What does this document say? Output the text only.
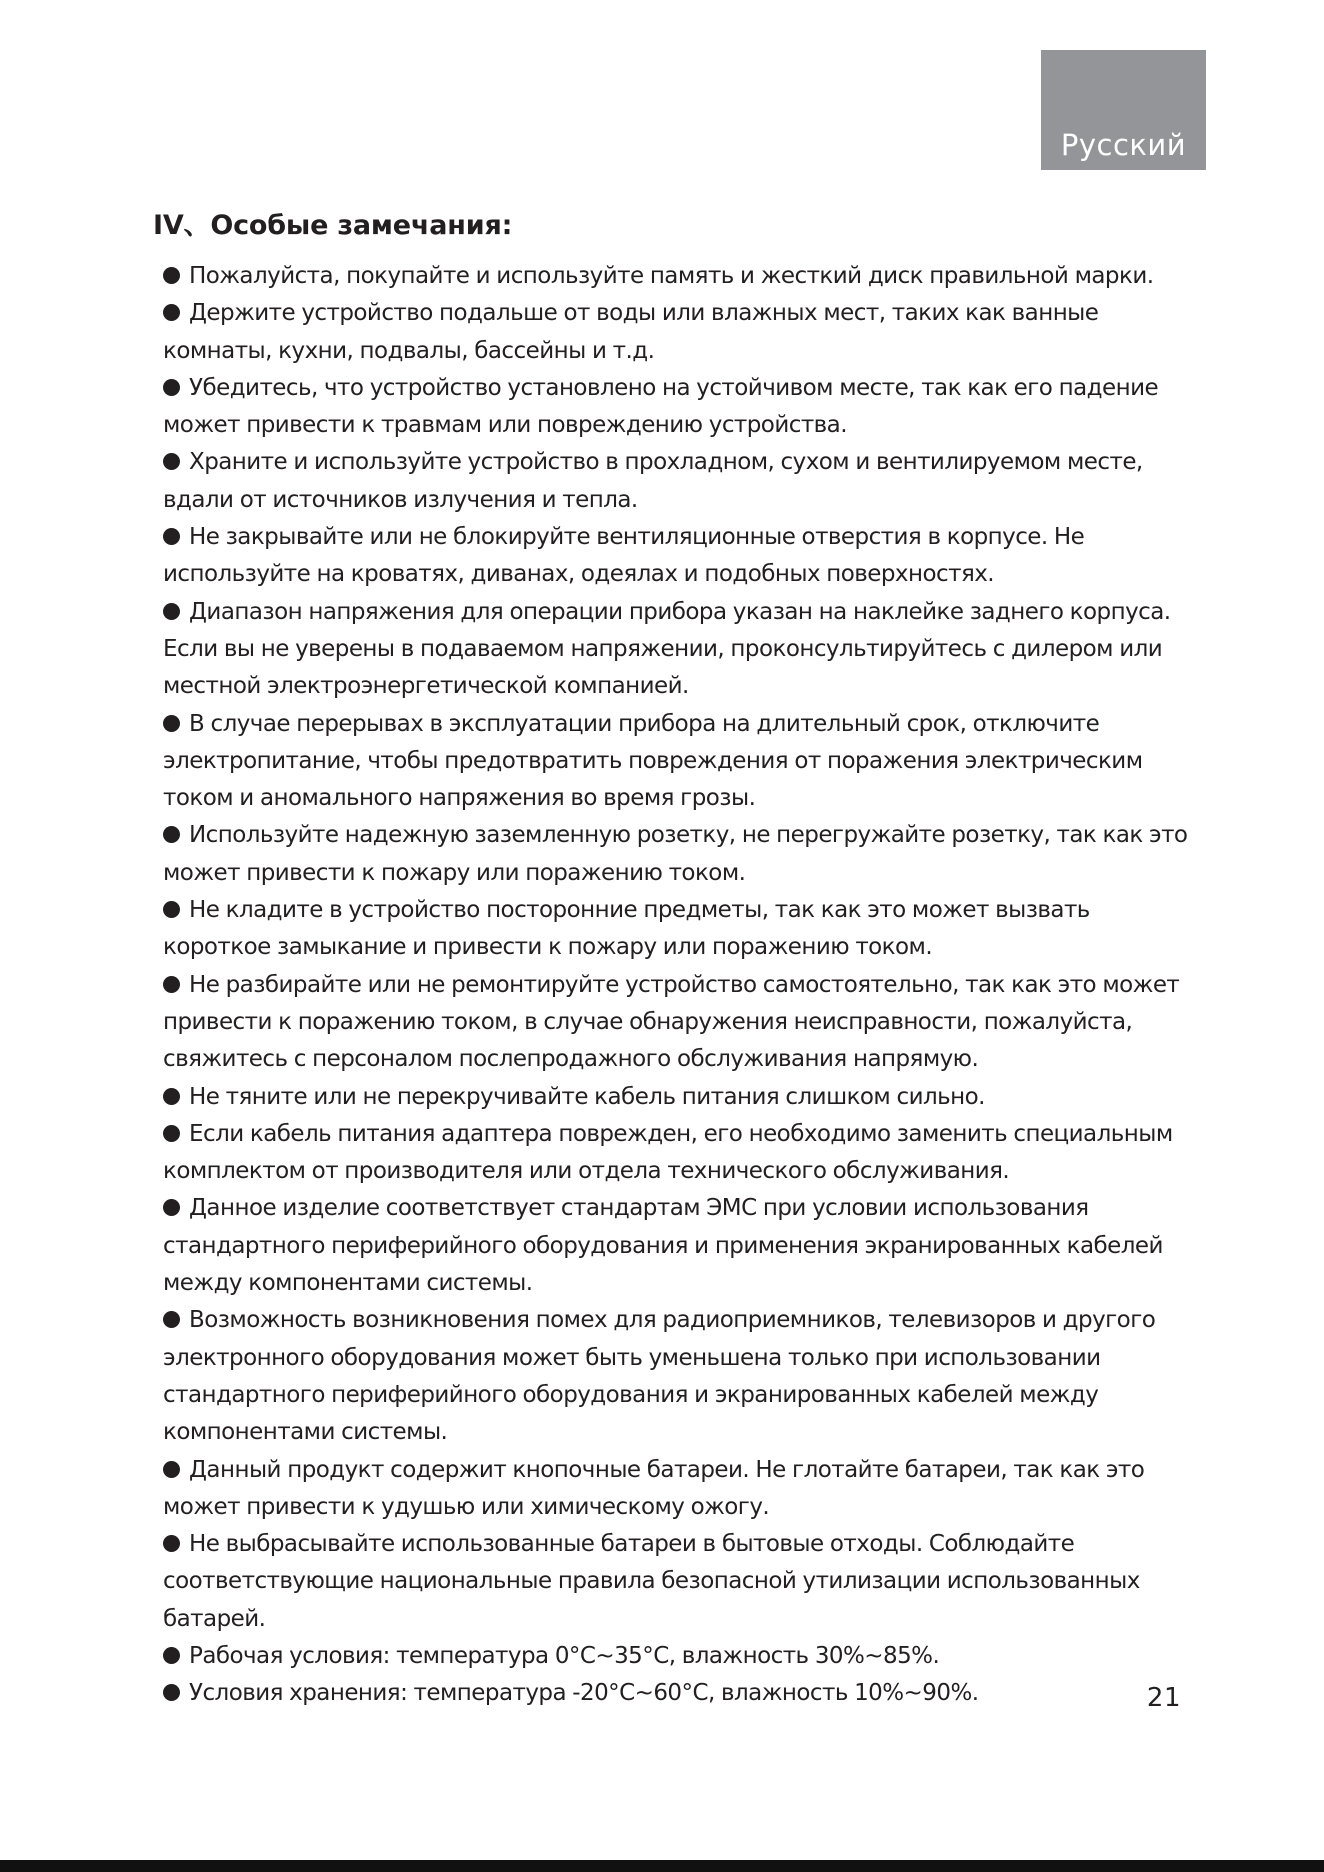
Русский
IV、Особые замечания:
Пожалуйста, покупайте и используйте память и жесткий диск правильной марки.
Держите устройство подальше от воды или влажных мест, таких как ванные комнаты, кухни, подвалы, бассейны и т.д.
Убедитесь, что устройство установлено на устойчивом месте, так как его падение может привести к травмам или повреждению устройства.
Храните и используйте устройство в прохладном, сухом и вентилируемом месте, вдали от источников излучения и тепла.
Не закрывайте или не блокируйте вентиляционные отверстия в корпусе. Не используйте на кроватях, диванах, одеялах и подобных поверхностях.
Диапазон напряжения для операции прибора указан на наклейке заднего корпуса. Если вы не уверены в подаваемом напряжении, проконсультируйтесь с дилером или местной электроэнергетической компанией.
В случае перерывах в эксплуатации прибора на длительный срок, отключите электропитание, чтобы предотвратить повреждения от поражения электрическим током и аномального напряжения во время грозы.
Используйте надежную заземленную розетку, не перегружайте розетку, так как это может привести к пожару или поражению током.
Не кладите в устройство посторонние предметы, так как это может вызвать короткое замыкание и привести к пожару или поражению током.
Не разбирайте или не ремонтируйте устройство самостоятельно, так как это может привести к поражению током, в случае обнаружения неисправности, пожалуйста, свяжитесь с персоналом послепродажного обслуживания напрямую.
Не тяните или не перекручивайте кабель питания слишком сильно.
Если кабель питания адаптера поврежден, его необходимо заменить специальным комплектом от производителя или отдела технического обслуживания.
Данное изделие соответствует стандартам ЭМС при условии использования стандартного периферийного оборудования и применения экранированных кабелей между компонентами системы.
Возможность возникновения помех для радиоприемников, телевизоров и другого электронного оборудования может быть уменьшена только при использовании стандартного периферийного оборудования и экранированных кабелей между компонентами системы.
Данный продукт содержит кнопочные батареи. Не глотайте батареи, так как это может привести к удушью или химическому ожогу.
Не выбрасывайте использованные батареи в бытовые отходы. Соблюдайте соответствующие национальные правила безопасной утилизации использованных батарей.
Рабочая условия: температура 0°C~35°C, влажность 30%~85%.
Условия хранения: температура -20°C~60°C, влажность 10%~90%.	21
